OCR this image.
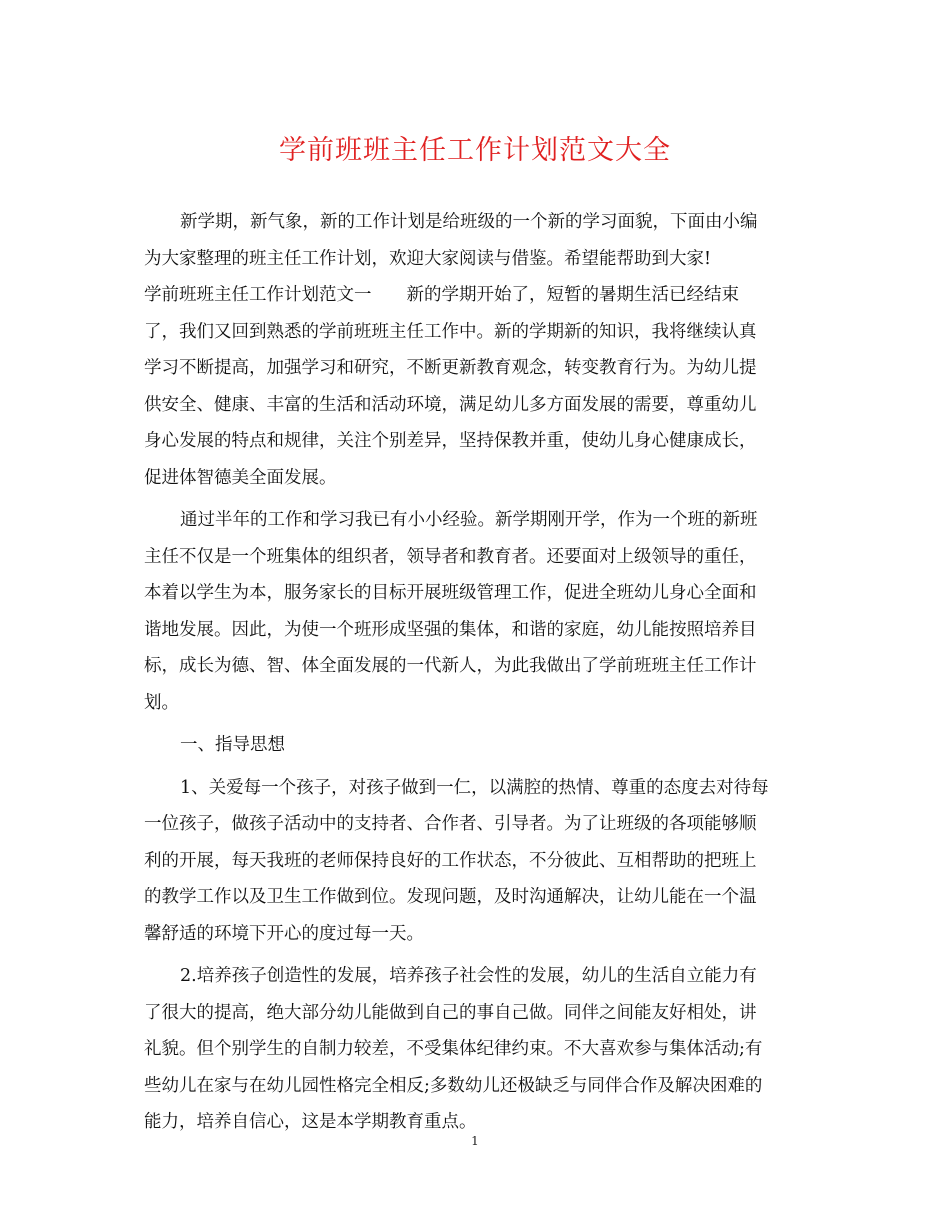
学前班班主任工作计划范文大全

新学期，新气象，新的工作计划是给班级的一个新的学习面貌，下面由小编

为大家整理的班主任工作计划，欢迎大家阅读与借鉴。希望能帮助到大家!

学前班班主任工作计划范文一　　新的学期开始了，短暂的暑期生活已经结束

了，我们又回到熟悉的学前班班主任工作中。新的学期新的知识，我将继续认真

学习不断提高，加强学习和研究，不断更新教育观念，转变教育行为。为幼儿提

供安全、健康、丰富的生活和活动环境，满足幼儿多方面发展的需要，尊重幼儿

身心发展的特点和规律，关注个别差异，坚持保教并重，使幼儿身心健康成长，

促进体智德美全面发展。

通过半年的工作和学习我已有小小经验。新学期刚开学，作为一个班的新班

主任不仅是一个班集体的组织者，领导者和教育者。还要面对上级领导的重任，

本着以学生为本，服务家长的目标开展班级管理工作，促进全班幼儿身心全面和

谐地发展。因此，为使一个班形成坚强的集体，和谐的家庭，幼儿能按照培养目

标，成长为德、智、体全面发展的一代新人，为此我做出了学前班班主任工作计

划。

一、指导思想

1、关爱每一个孩子，对孩子做到一仁，以满腔的热情、尊重的态度去对待每

一位孩子，做孩子活动中的支持者、合作者、引导者。为了让班级的各项能够顺

利的开展，每天我班的老师保持良好的工作状态，不分彼此、互相帮助的把班上

的教学工作以及卫生工作做到位。发现问题，及时沟通解决，让幼儿能在一个温

馨舒适的环境下开心的度过每一天。

2.培养孩子创造性的发展，培养孩子社会性的发展，幼儿的生活自立能力有

了很大的提高，绝大部分幼儿能做到自己的事自己做。同伴之间能友好相处，讲

礼貌。但个别学生的自制力较差，不受集体纪律约束。不大喜欢参与集体活动;有

些幼儿在家与在幼儿园性格完全相反;多数幼儿还极缺乏与同伴合作及解决困难的

能力，培养自信心，这是本学期教育重点。

1
